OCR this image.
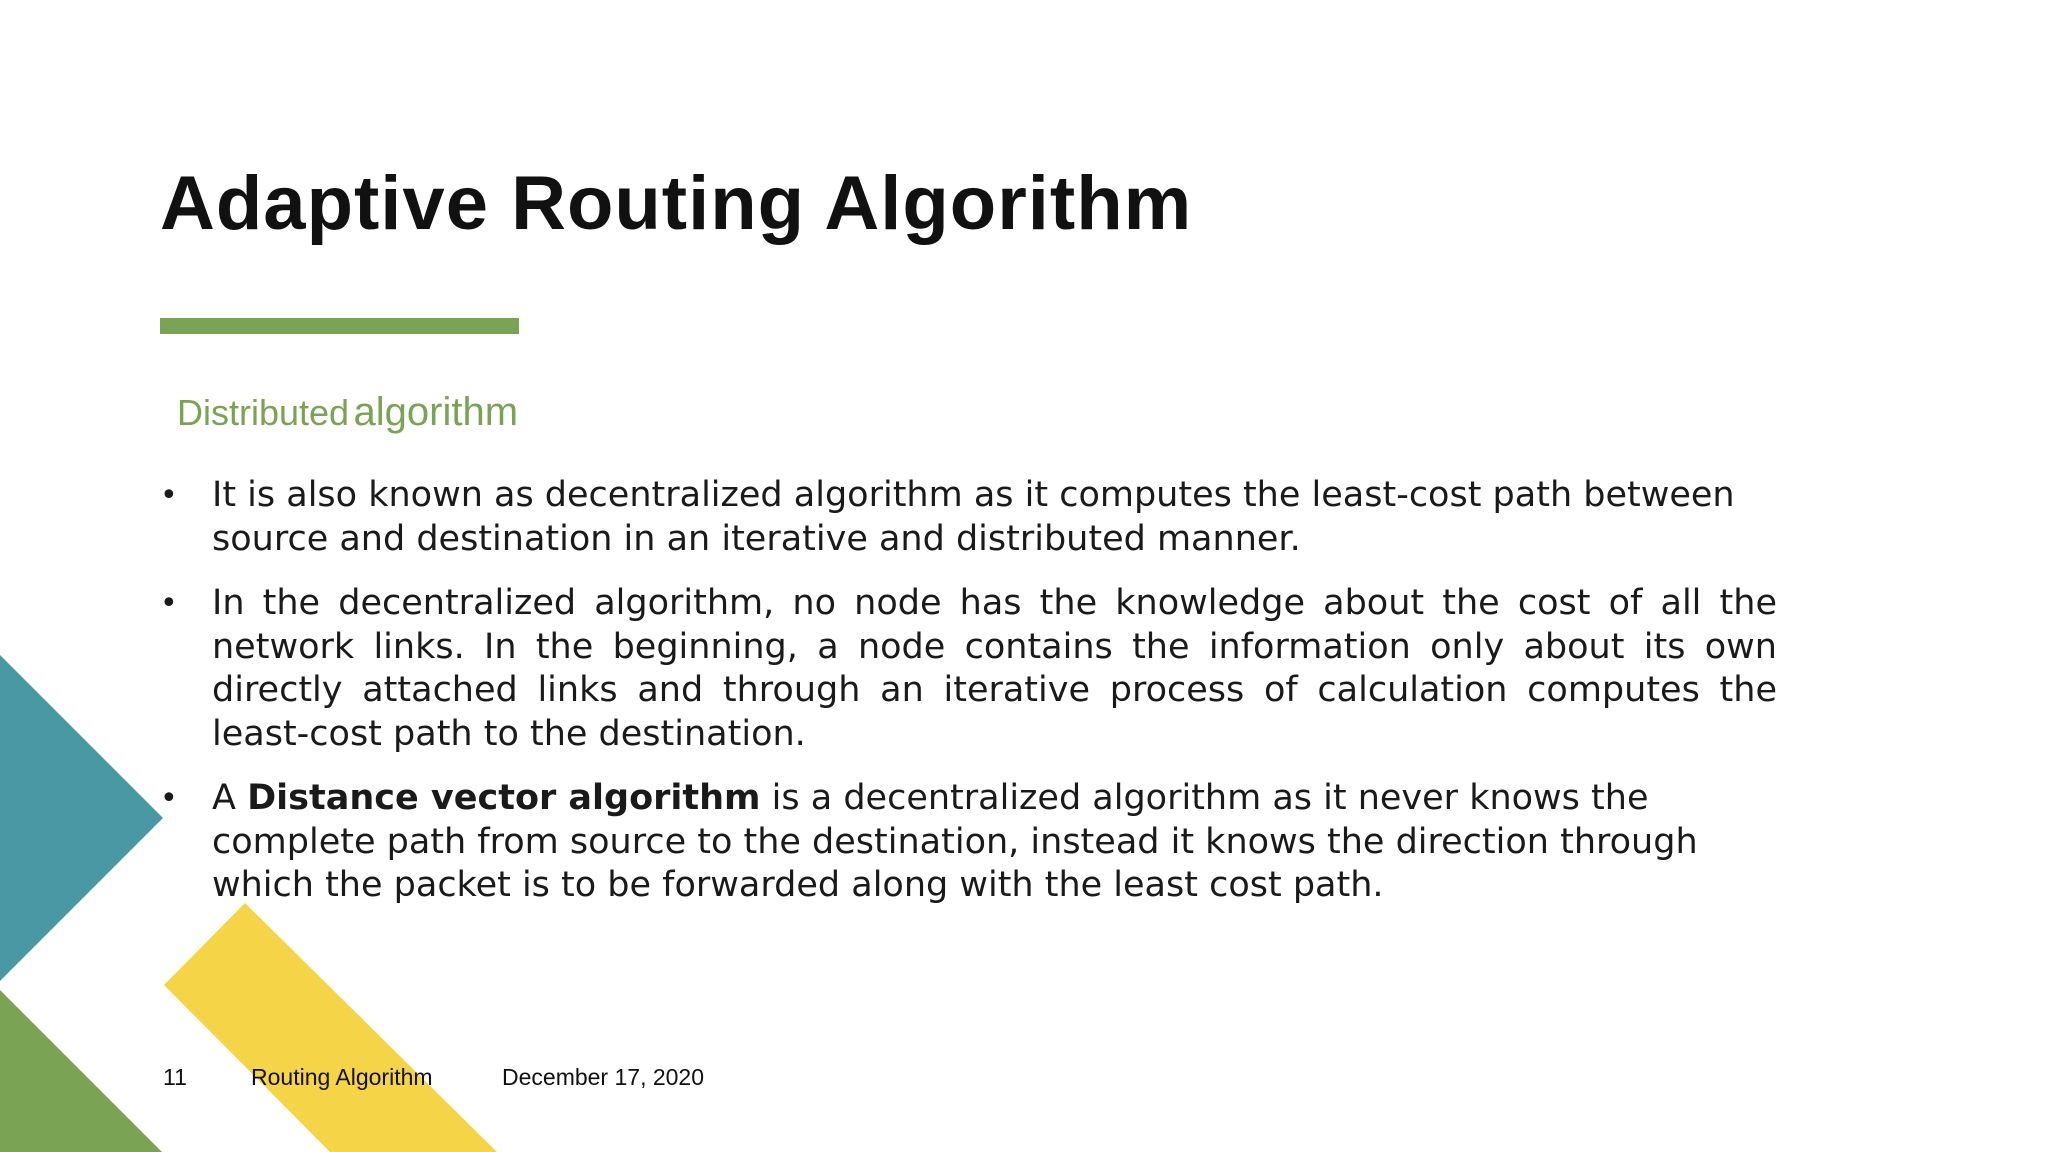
Adaptive Routing Algorithm
Distributed algorithm
• It is also known as decentralized algorithm as it computes the least-cost path between source and destination in an iterative and distributed manner.
• In the decentralized algorithm, no node has the knowledge about the cost of all the network links. In the beginning, a node contains the information only about its own directly attached links and through an iterative process of calculation computes the least-cost path to the destination.
• A Distance vector algorithm is a decentralized algorithm as it never knows the complete path from source to the destination, instead it knows the direction through which the packet is to be forwarded along with the least cost path.
11	Routing Algorithm	December 17, 2020
